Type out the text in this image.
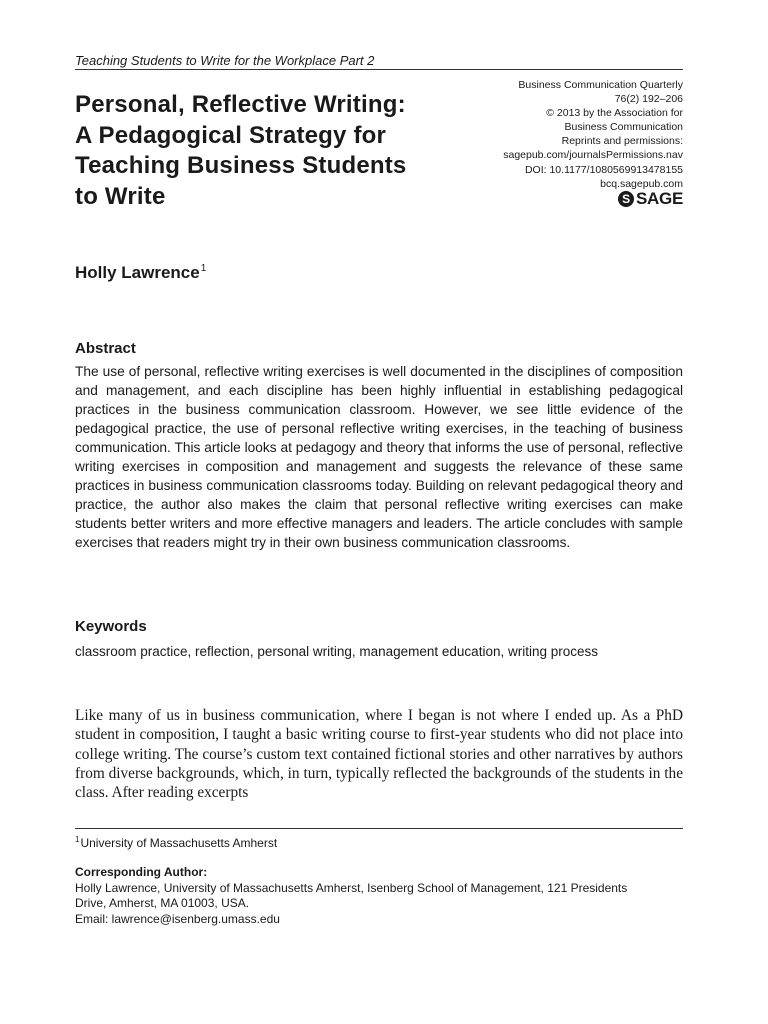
Teaching Students to Write for the Workplace Part 2
Personal, Reflective Writing:
A Pedagogical Strategy for
Teaching Business Students
to Write
Business Communication Quarterly
76(2) 192–206
© 2013 by the Association for
Business Communication
Reprints and permissions:
sagepub.com/journalsPermissions.nav
DOI: 10.1177/1080569913478155
bcq.sagepub.com
S SAGE
Holly Lawrence$^1$
Abstract
The use of personal, reflective writing exercises is well documented in the disciplines of composition and management, and each discipline has been highly influential in establishing pedagogical practices in the business communication classroom. However, we see little evidence of the pedagogical practice, the use of personal reflective writing exercises, in the teaching of business communication. This article looks at pedagogy and theory that informs the use of personal, reflective writing exercises in composition and management and suggests the relevance of these same practices in business communication classrooms today. Building on relevant pedagogical theory and practice, the author also makes the claim that personal reflective writing exercises can make students better writers and more effective managers and leaders. The article concludes with sample exercises that readers might try in their own business communication classrooms.
Keywords
classroom practice, reflection, personal writing, management education, writing process

Like many of us in business communication, where I began is not where I ended up. As a PhD student in composition, I taught a basic writing course to first-year students who did not place into college writing. The course’s custom text contained fictional stories and other narratives by authors from diverse backgrounds, which, in turn, typically reflected the backgrounds of the students in the class. After reading excerpts

$^1$University of Massachusetts Amherst
Corresponding Author:
Holly Lawrence, University of Massachusetts Amherst, Isenberg School of Management, 121 Presidents
Drive, Amherst, MA 01003, USA.
Email: lawrence@isenberg.umass.edu
